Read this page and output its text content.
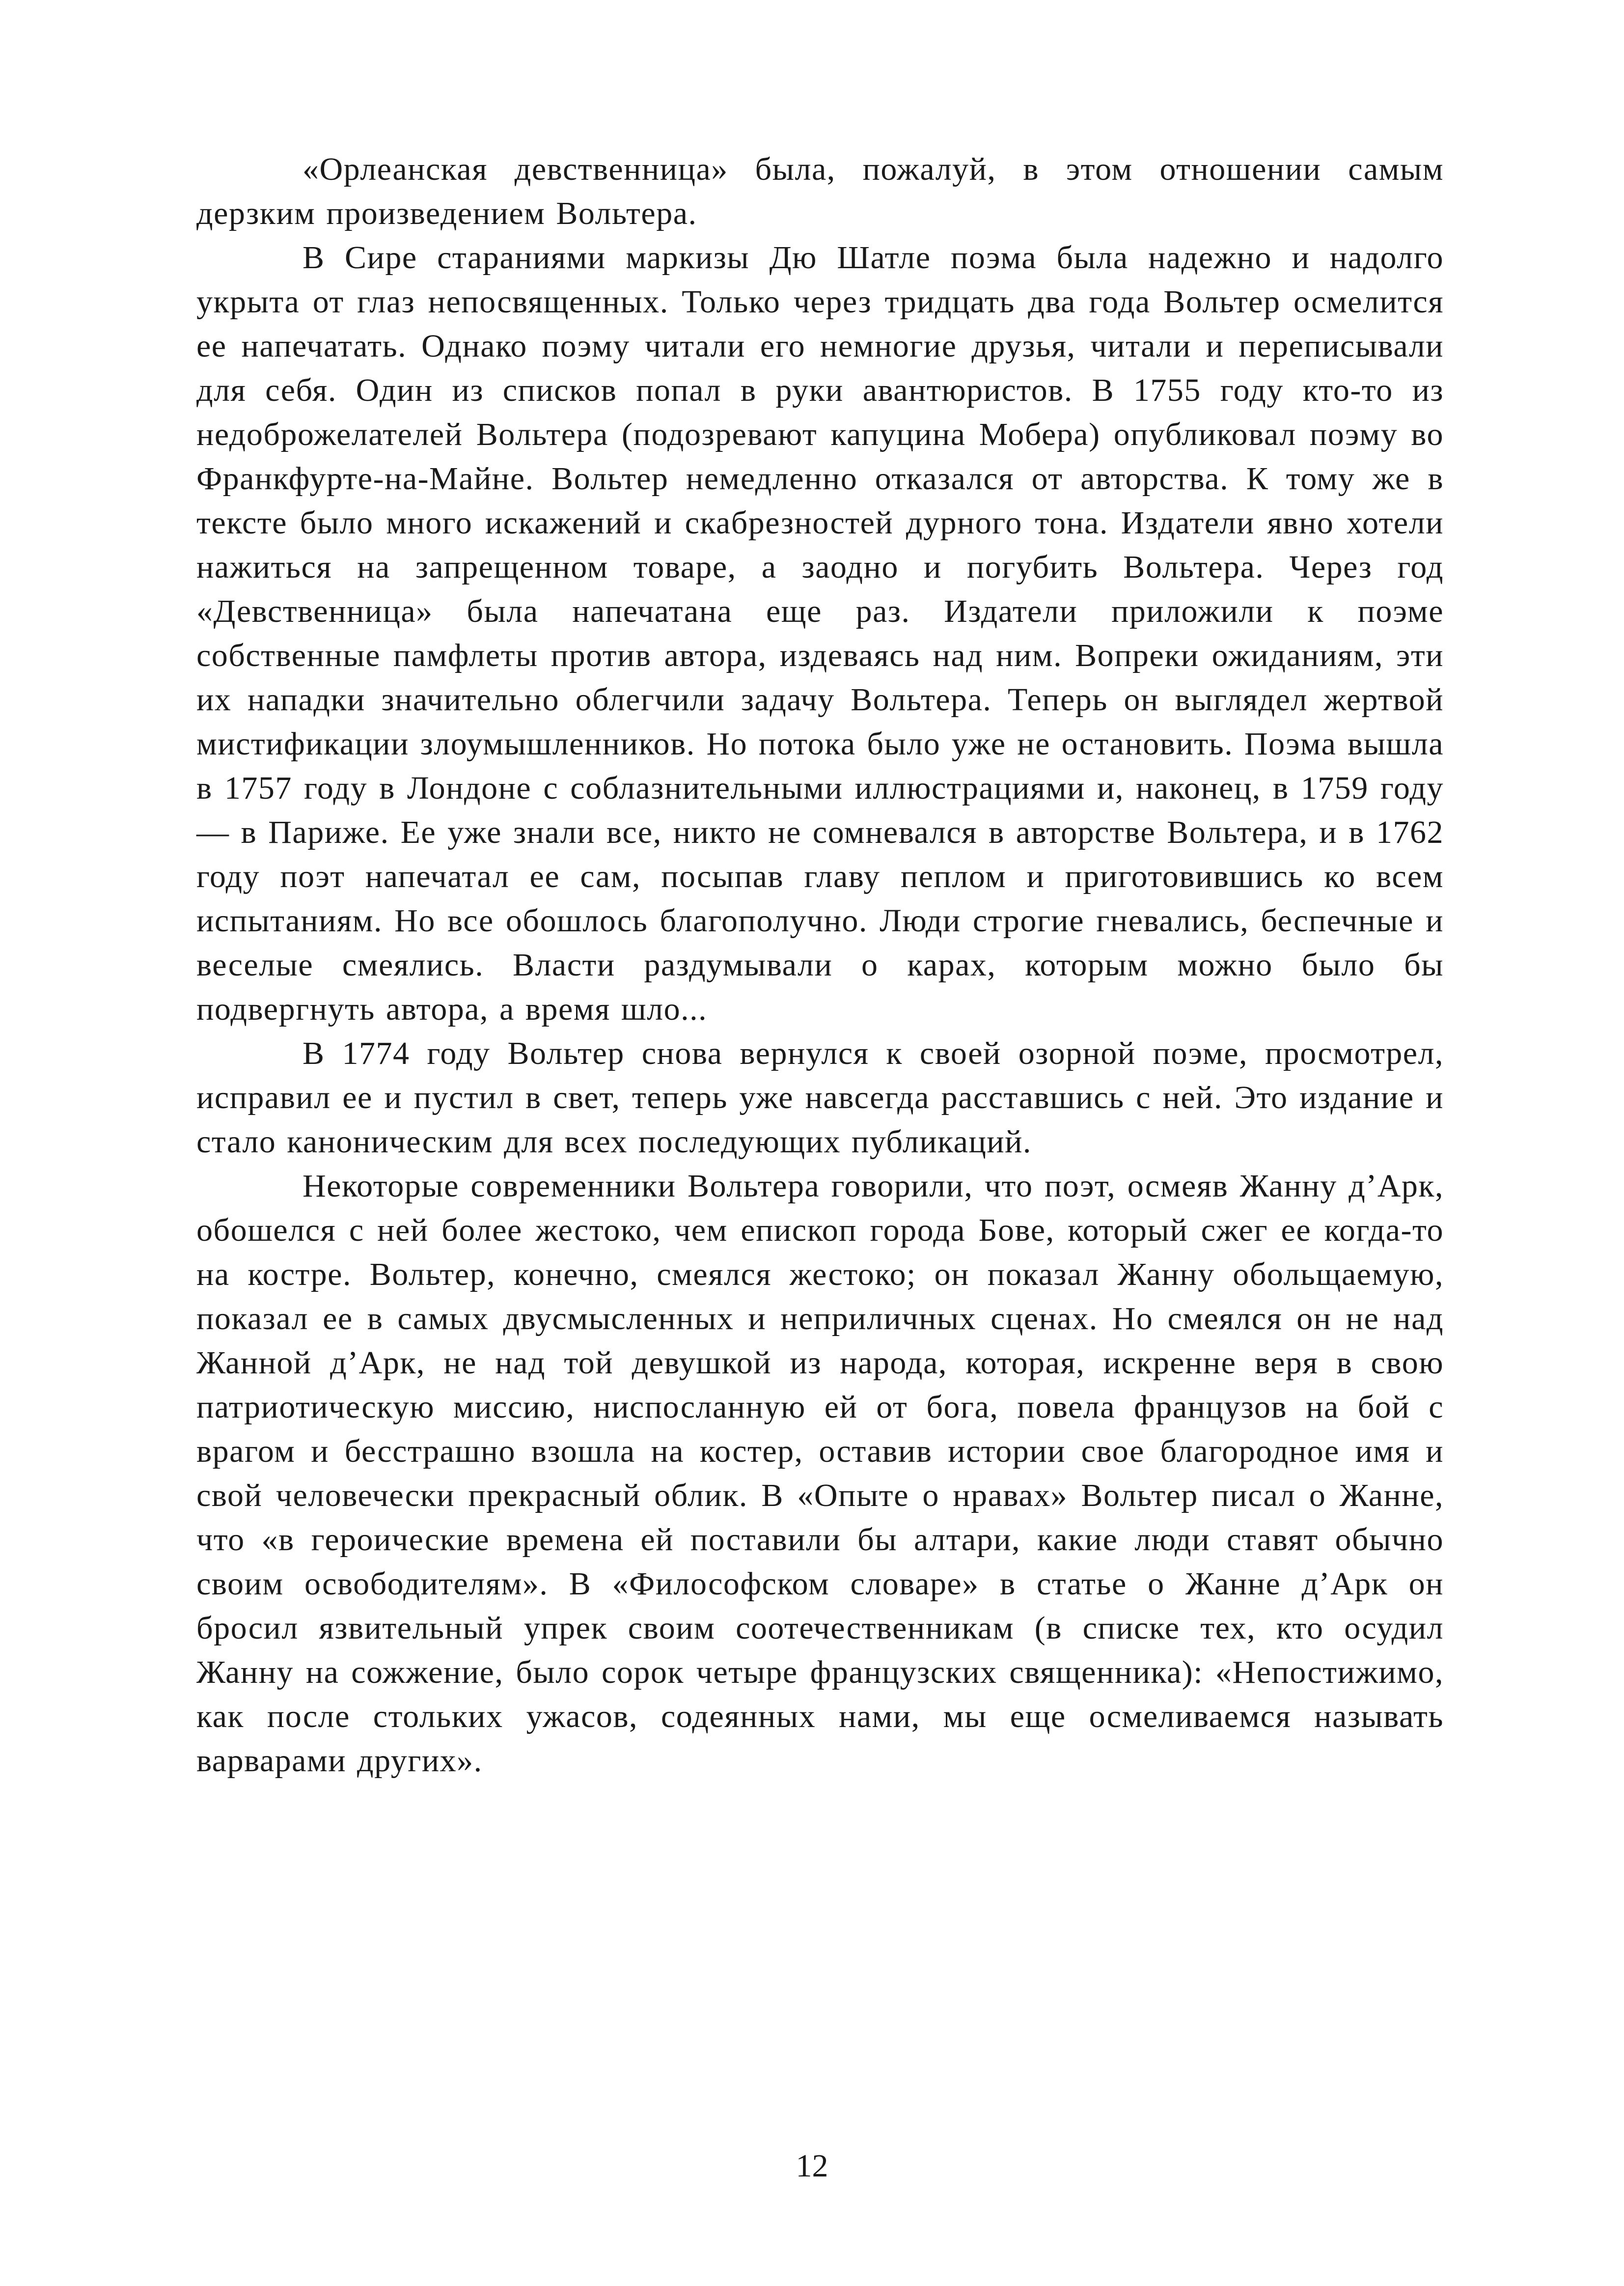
«Орлеанская девственница» была, пожалуй, в этом отношении самым дерзким произведением Вольтера.

В Сире стараниями маркизы Дю Шатле поэма была надежно и надолго укрыта от глаз непосвященных. Только через тридцать два года Вольтер осмелится ее напечатать. Однако поэму читали его немногие друзья, читали и переписывали для себя. Один из списков попал в руки авантюристов. В 1755 году кто-то из недоброжелателей Вольтера (подозревают капуцина Мобера) опубликовал поэму во Франкфурте-на-Майне. Вольтер немедленно отказался от авторства. К тому же в тексте было много искажений и скабрезностей дурного тона. Издатели явно хотели нажиться на запрещенном товаре, а заодно и погубить Вольтера. Через год «Девственница» была напечатана еще раз. Издатели приложили к поэме собственные памфлеты против автора, издеваясь над ним. Вопреки ожиданиям, эти их нападки значительно облегчили задачу Вольтера. Теперь он выглядел жертвой мистификации злоумышленников. Но потока было уже не остановить. Поэма вышла в 1757 году в Лондоне с соблазнительными иллюстрациями и, наконец, в 1759 году — в Париже. Ее уже знали все, никто не сомневался в авторстве Вольтера, и в 1762 году поэт напечатал ее сам, посыпав главу пеплом и приготовившись ко всем испытаниям. Но все обошлось благополучно. Люди строгие гневались, беспечные и веселые смеялись. Власти раздумывали о карах, которым можно было бы подвергнуть автора, а время шло...

В 1774 году Вольтер снова вернулся к своей озорной поэме, просмотрел, исправил ее и пустил в свет, теперь уже навсегда расставшись с ней. Это издание и стало каноническим для всех последующих публикаций.

Некоторые современники Вольтера говорили, что поэт, осмеяв Жанну д’Арк, обошелся с ней более жестоко, чем епископ города Бове, который сжег ее когда-то на костре. Вольтер, конечно, смеялся жестоко; он показал Жанну обольщаемую, показал ее в самых двусмысленных и неприличных сценах. Но смеялся он не над Жанной д’Арк, не над той девушкой из народа, которая, искренне веря в свою патриотическую миссию, ниспосланную ей от бога, повела французов на бой с врагом и бесстрашно взошла на костер, оставив истории свое благородное имя и свой человечески прекрасный облик. В «Опыте о нравах» Вольтер писал о Жанне, что «в героические времена ей поставили бы алтари, какие люди ставят обычно своим освободителям». В «Философском словаре» в статье о Жанне д’Арк он бросил язвительный упрек своим соотечественникам (в списке тех, кто осудил Жанну на сожжение, было сорок четыре французских священника): «Непостижимо, как после стольких ужасов, содеянных нами, мы еще осмеливаемся называть варварами других».

12
